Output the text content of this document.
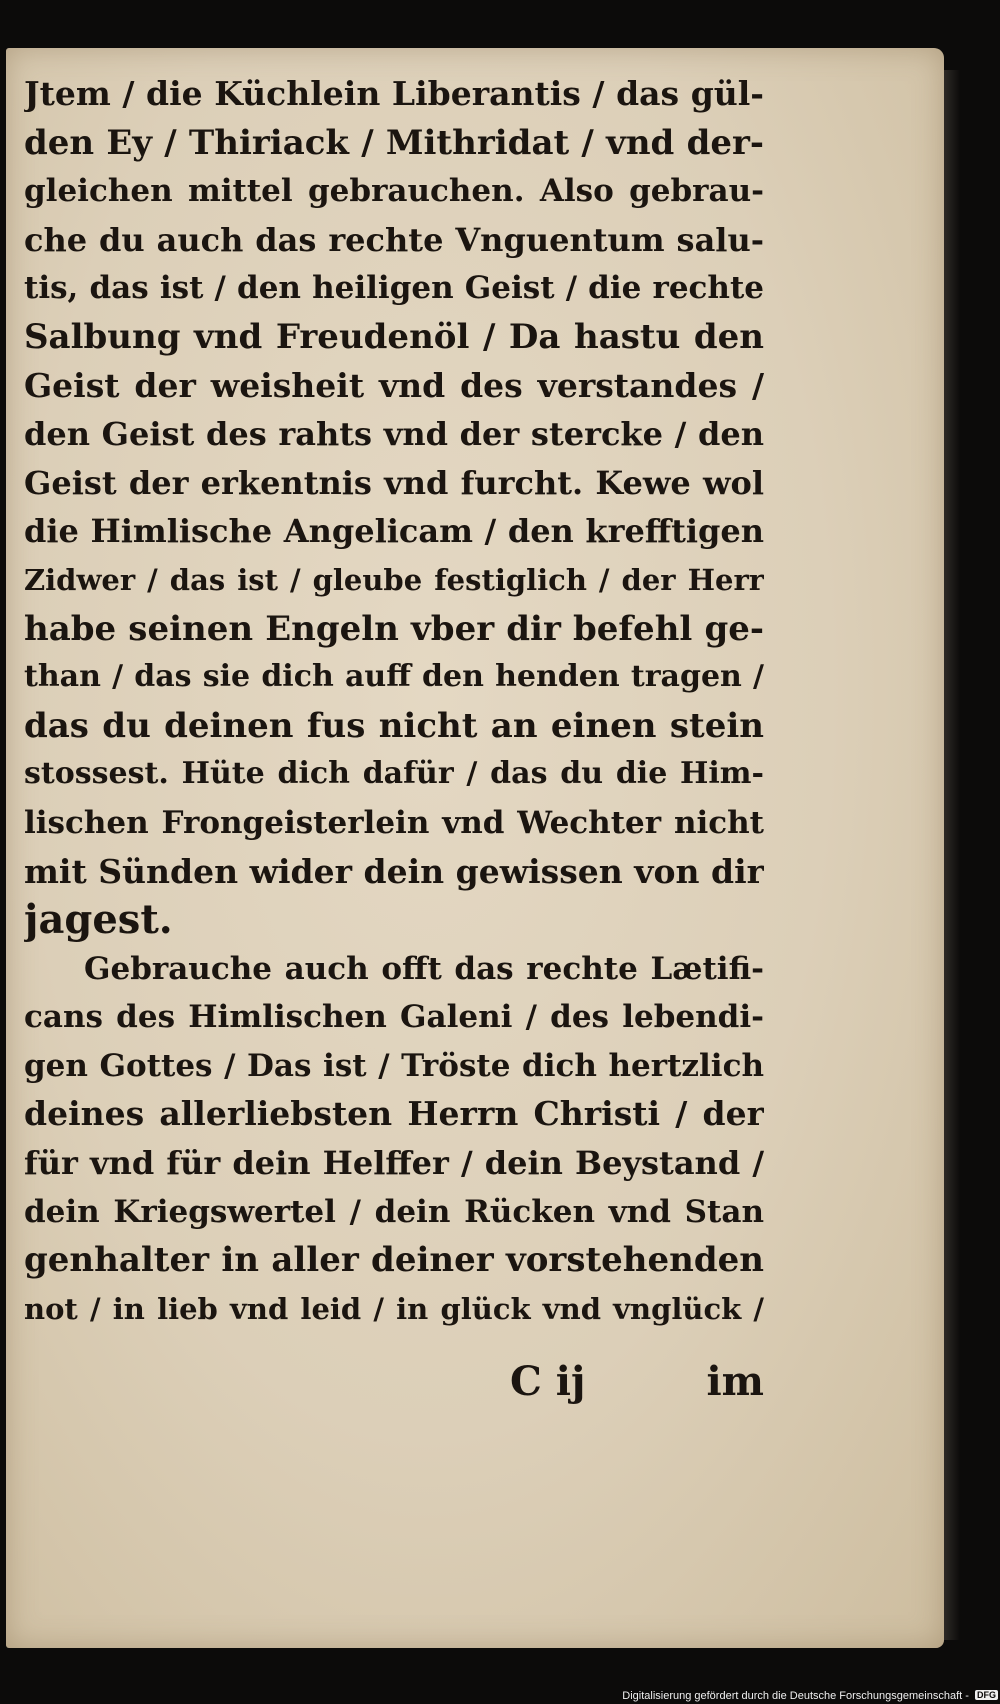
Jtem / die Küchlein Liberantis / das gül-
den Ey / Thiriack / Mithridat / vnd der-
gleichen mittel gebrauchen. Also gebrau-
che du auch das rechte Vnguentum salu-
tis, das ist / den heiligen Geist / die rechte
Salbung vnd Freudenöl / Da hastu den
Geist der weisheit vnd des verstandes /
den Geist des rahts vnd der stercke / den
Geist der erkentnis vnd furcht. Kewe wol
die Himlische Angelicam / den krefftigen
Zidwer / das ist / gleube festiglich / der Herr
habe seinen Engeln vber dir befehl ge-
than / das sie dich auff den henden tragen /
das du deinen fus nicht an einen stein
stossest. Hüte dich dafür / das du die Him-
lischen Frongeisterlein vnd Wechter nicht
mit Sünden wider dein gewissen von dir
jagest.
Gebrauche auch offt das rechte Lætifi-
cans des Himlischen Galeni / des lebendi-
gen Gottes / Das ist / Tröste dich hertzlich
deines allerliebsten Herrn Christi / der
für vnd für dein Helffer / dein Beystand /
dein Kriegswertel / dein Rücken vnd Stan
genhalter in aller deiner vorstehenden
not / in lieb vnd leid / in glück vnd vnglück /
C ij	im
Digitalisierung gefördert durch die Deutsche Forschungsgemeinschaft - DFG
